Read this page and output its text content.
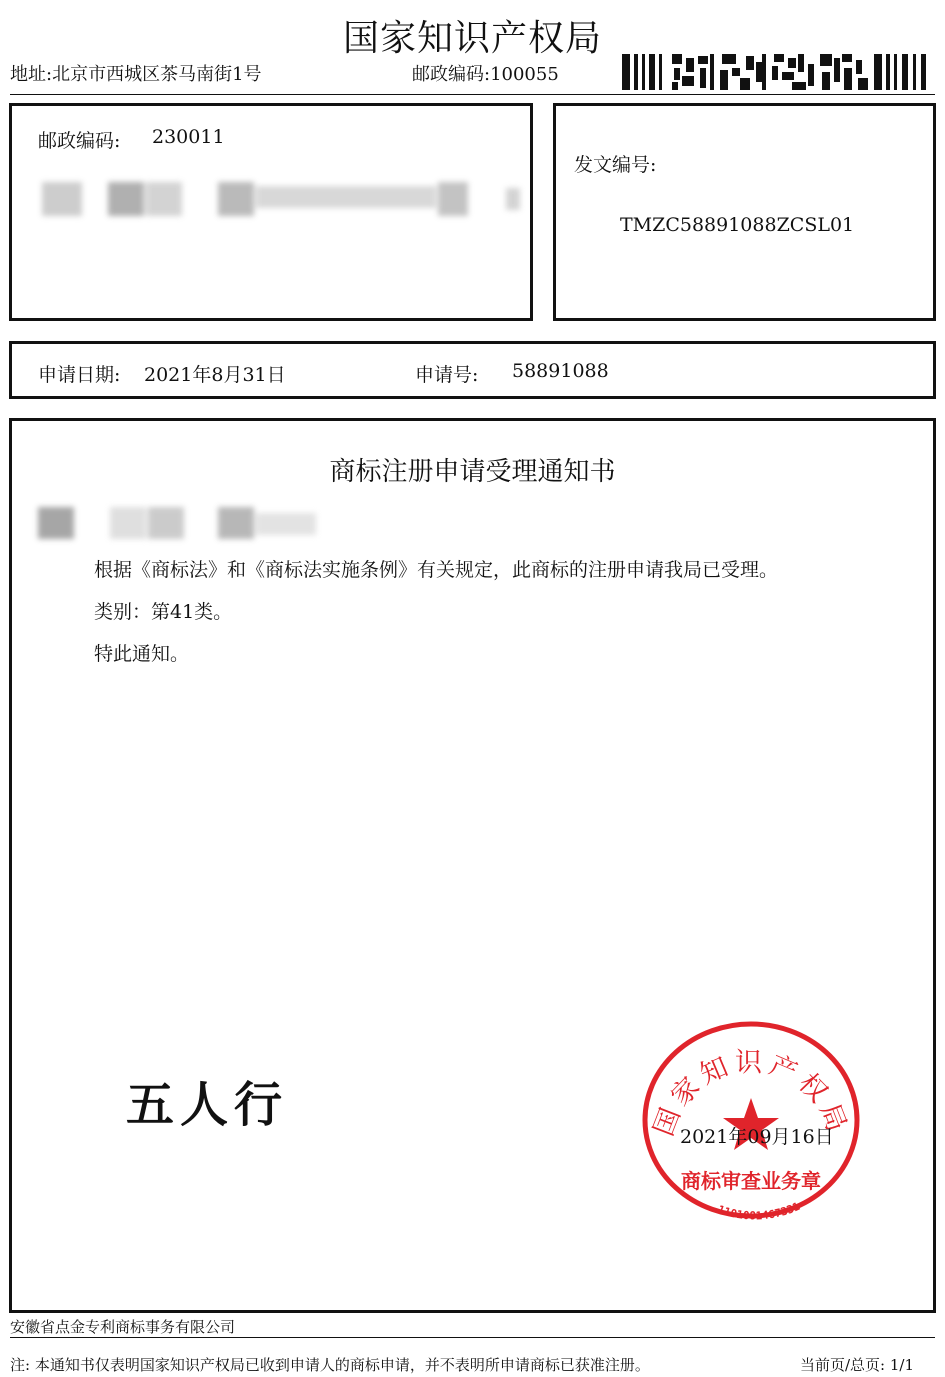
国家知识产权局
地址:北京市西城区茶马南街1号	邮政编码:100055
邮政编码: 230011
发文编号:
TMZC58891088ZCSL01
申请日期: 2021年8月31日	申请号: 58891088
商标注册申请受理通知书
根据《商标法》和《商标法实施条例》有关规定，此商标的注册申请我局已受理。
类别：第41类。
特此通知。
五人行	国家知识产权局
商标审查业务章
1101081467331
2021年09月16日
安徽省点金专利商标事务有限公司
注: 本通知书仅表明国家知识产权局已收到申请人的商标申请，并不表明所申请商标已获准注册。	当前页/总页: 1/1
